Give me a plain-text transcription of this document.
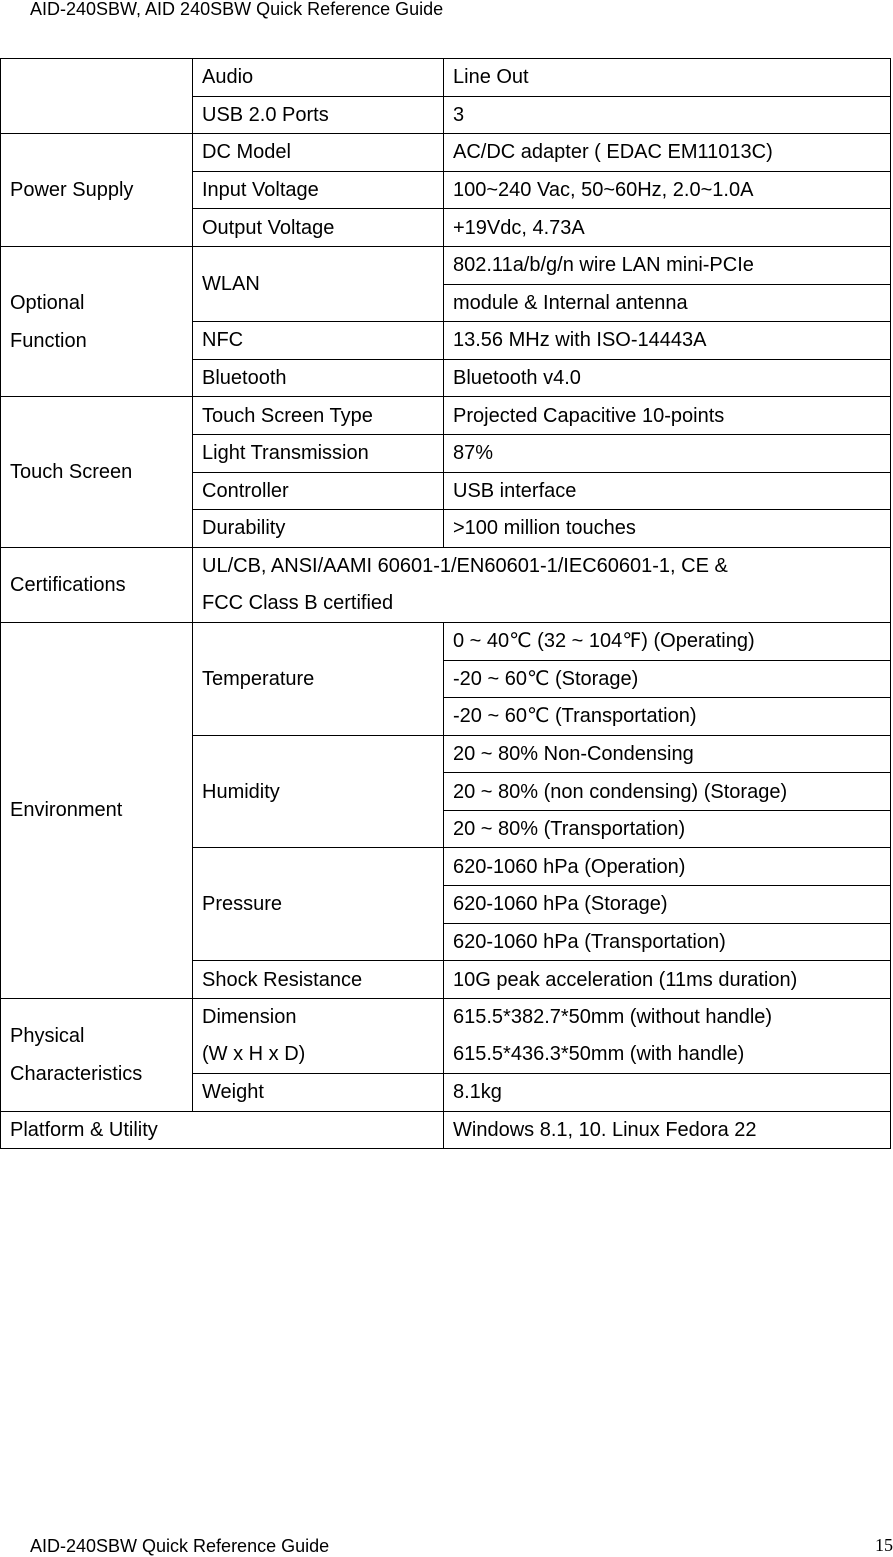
AID-240SBW, AID 240SBW Quick Reference Guide
	Audio	Line Out
	USB 2.0 Ports	3
Power Supply	DC Model	AC/DC adapter ( EDAC EM11013C)
	Input Voltage	100~240 Vac, 50~60Hz, 2.0~1.0A
	Output Voltage	+19Vdc, 4.73A

Optional
Function	WLAN	802.11a/b/g/n wire LAN mini-PCIe
		module & Internal antenna
	NFC	13.56 MHz with ISO-14443A
	Bluetooth	Bluetooth v4.0
Touch Screen	Touch Screen Type	Projected Capacitive 10-points
	Light Transmission	87%
	Controller	USB interface
	Durability	>100 million touches
Certifications	UL/CB, ANSI/AAMI 60601-1/EN60601-1/IEC60601-1, CE &	
	FCC Class B certified	
Environment	Temperature	0 ~ 40℃ (32 ~ 104℉) (Operating)
		-20 ~ 60℃ (Storage)
		-20 ~ 60℃ (Transportation)
	Humidity	20 ~ 80% Non-Condensing
		20 ~ 80% (non condensing) (Storage)
		20 ~ 80% (Transportation)
	Pressure	620-1060 hPa (Operation)
		620-1060 hPa (Storage)
		620-1060 hPa (Transportation)
	Shock Resistance	10G peak acceleration (11ms duration)

Physical
Characteristics	Dimension	615.5*382.7*50mm (without handle)
	(W x H x D)	615.5*436.3*50mm (with handle)
	Weight	8.1kg
Platform & Utility		Windows 8.1, 10. Linux Fedora 22
AID-240SBW Quick Reference Guide	15
